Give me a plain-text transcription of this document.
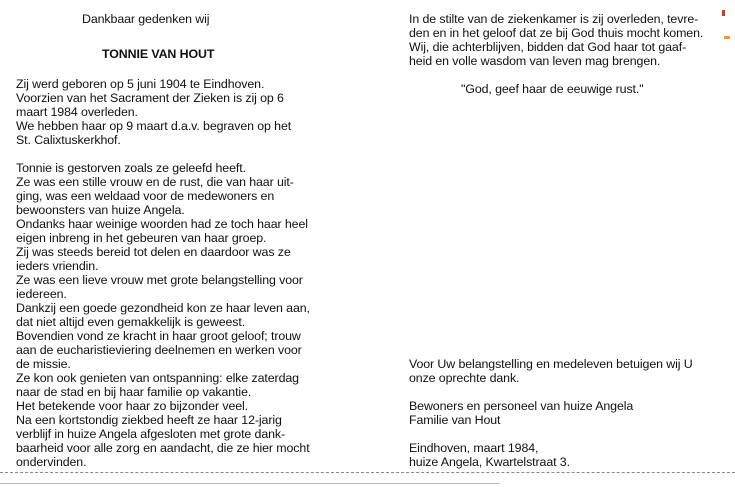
Dankbaar gedenken wij
TONNIE VAN HOUT
Zij werd geboren op 5 juni 1904 te Eindhoven.
Voorzien van het Sacrament der Zieken is zij op 6
maart 1984 overleden.
We hebben haar op 9 maart d.a.v. begraven op het
St. Calixtuskerkhof.
Tonnie is gestorven zoals ze geleefd heeft.
Ze was een stille vrouw en de rust, die van haar uit-
ging, was een weldaad voor de medewoners en
bewoonsters van huize Angela.
Ondanks haar weinige woorden had ze toch haar heel
eigen inbreng in het gebeuren van haar groep.
Zij was steeds bereid tot delen en daardoor was ze
ieders vriendin.
Ze was een lieve vrouw met grote belangstelling voor
iedereen.
Dankzij een goede gezondheid kon ze haar leven aan,
dat niet altijd even gemakkelijk is geweest.
Bovendien vond ze kracht in haar groot geloof; trouw
aan de eucharistieviering deelnemen en werken voor
de missie.
Ze kon ook genieten van ontspanning: elke zaterdag
naar de stad en bij haar familie op vakantie.
Het betekende voor haar zo bijzonder veel.
Na een kortstondig ziekbed heeft ze haar 12-jarig
verblijf in huize Angela afgesloten met grote dank-
baarheid voor alle zorg en aandacht, die ze hier mocht
ondervinden.
In de stilte van de ziekenkamer is zij overleden, tevre-
den en in het geloof dat ze bij God thuis mocht komen.
Wij, die achterblijven, bidden dat God haar tot gaaf-
heid en volle wasdom van leven mag brengen.
"God, geef haar de eeuwige rust."
Voor Uw belangstelling en medeleven betuigen wij U
onze oprechte dank.
Bewoners en personeel van huize Angela
Familie van Hout
Eindhoven, maart 1984,
huize Angela, Kwartelstraat 3.
